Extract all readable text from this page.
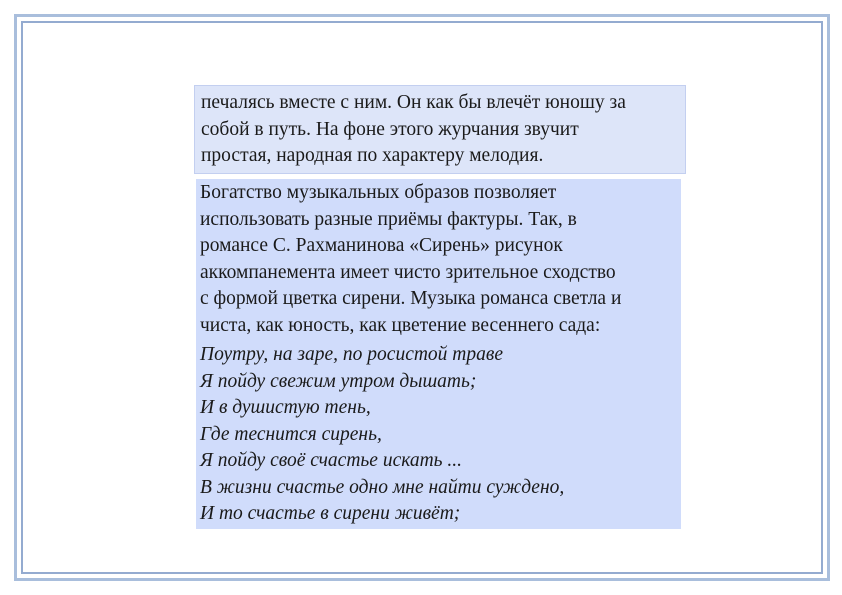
печалясь вместе с ним. Он как бы влечёт юношу за
собой в путь. На фоне этого журчания звучит
простая, народная по характеру мелодия.

Богатство музыкальных образов позволяет
использовать разные приёмы фактуры. Так, в
романсе С. Рахманинова «Сирень» рисунок
аккомпанемента имеет чисто зрительное сходство
с формой цветка сирени. Музыка романса светла и
чиста, как юность, как цветение весеннего сада:

Поутру, на заре, по росистой траве
Я пойду свежим утром дышать;
И в душистую тень,
Где теснится сирень,
Я пойду своё счастье искать ...
В жизни счастье одно мне найти суждено,
И то счастье в сирени живёт;
